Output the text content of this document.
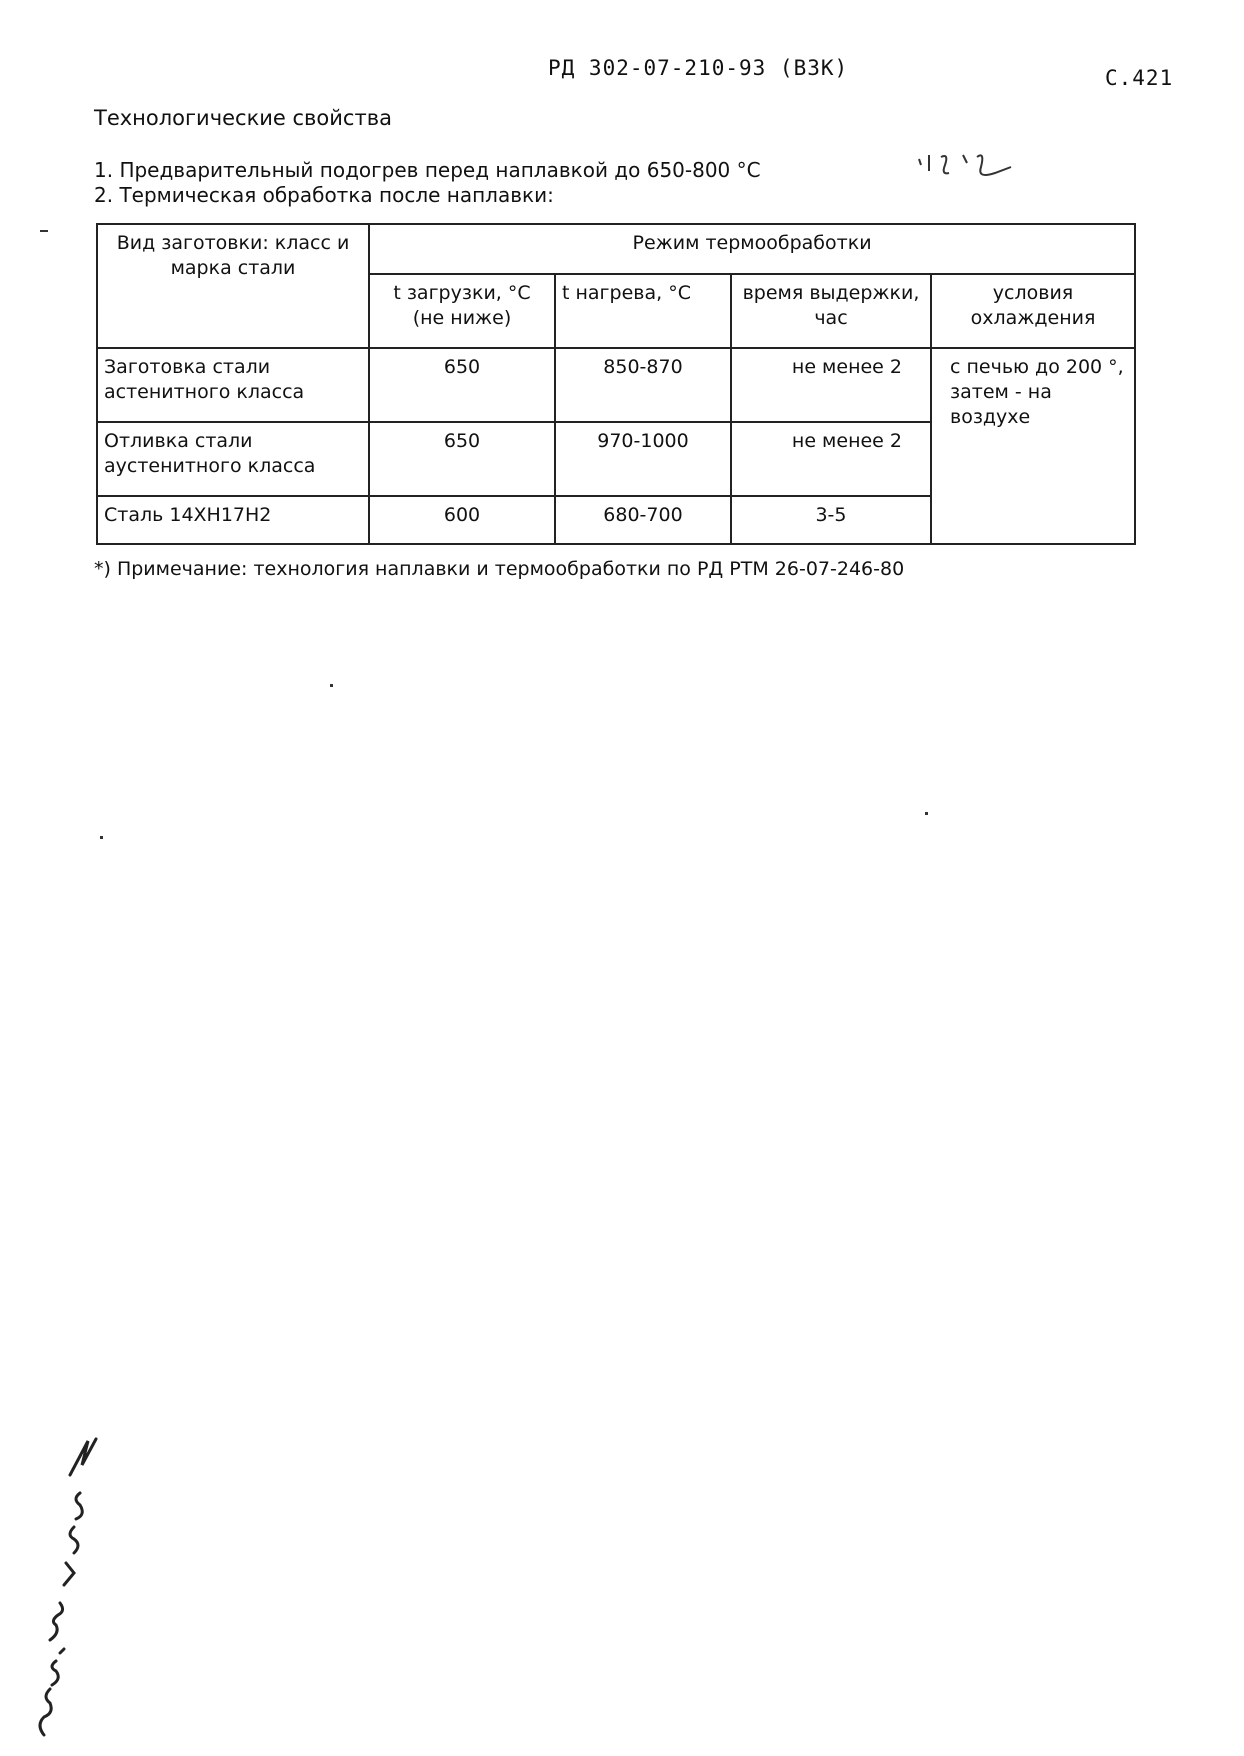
РД 302-07-210-93 (ВЗК)	С.421
Технологические свойства
1. Предварительный подогрев перед наплавкой до 650-800 °С
2. Термическая обработка после наплавки:
Вид заготовки: класс и марка стали	Режим термообработки			
	t загрузки, °С (не ниже)	t нагрева, °С	время выдержки, час	условия охлаждения
Заготовка стали астенитного класса	650	850-870	не менее 2	с печью до 200 °, затем - на воздухе
Отливка стали аустенитного класса	650	970-1000	не менее 2	
Сталь 14ХН17Н2	600	680-700	3-5	
*) Примечание: технология наплавки и термообработки по РД РТМ 26-07-246-80
